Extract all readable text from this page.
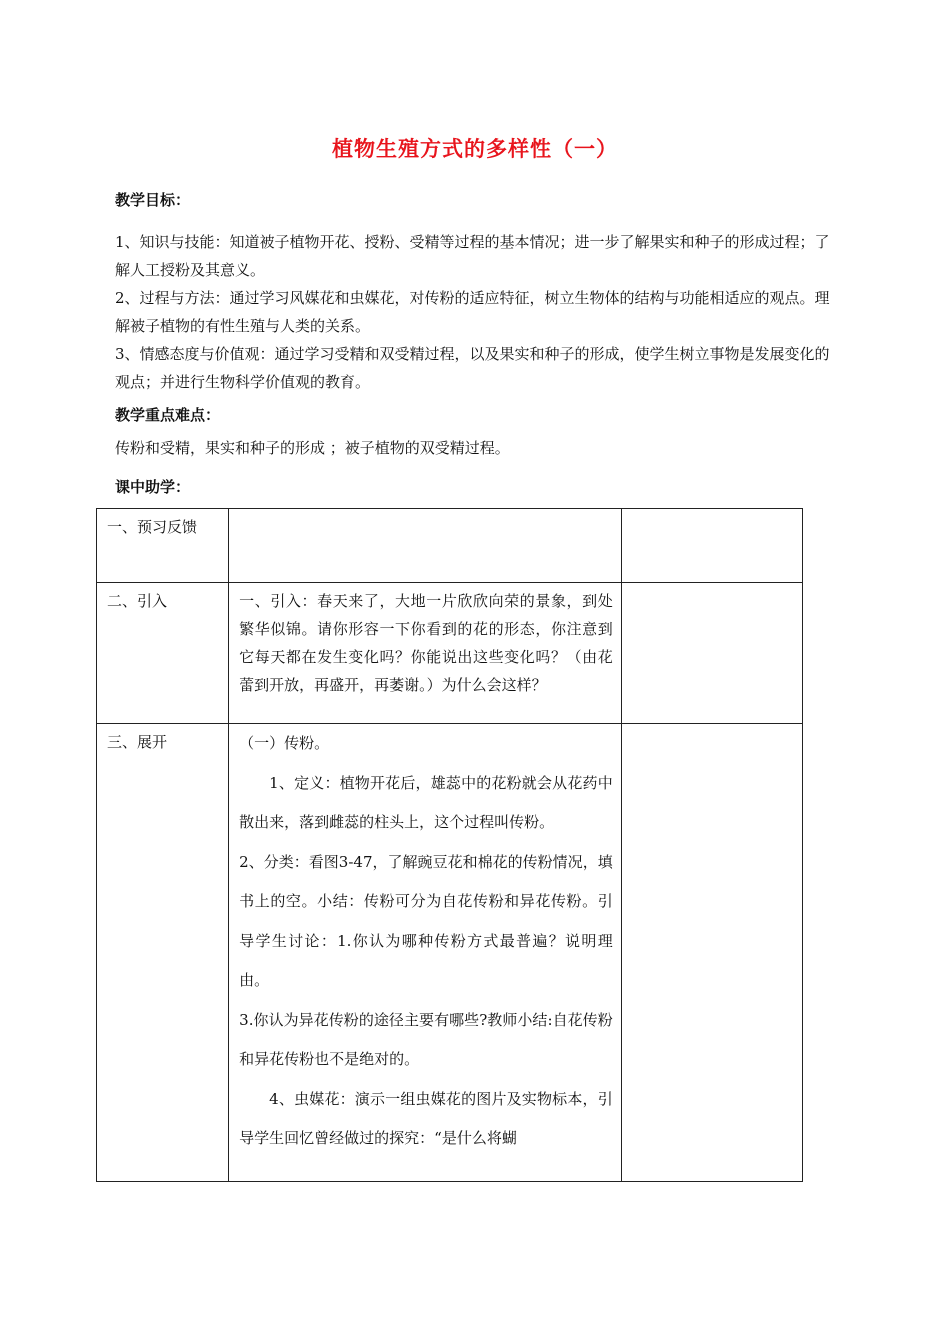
植物生殖方式的多样性（一）
教学目标：

1、知识与技能：知道被子植物开花、授粉、受精等过程的基本情况；进一步了解果实和种子的形成过程；了解人工授粉及其意义。

2、过程与方法：通过学习风媒花和虫媒花，对传粉的适应特征，树立生物体的结构与功能相适应的观点。理解被子植物的有性生殖与人类的关系。

3、情感态度与价值观：通过学习受精和双受精过程，以及果实和种子的形成，使学生树立事物是发展变化的观点；并进行生物科学价值观的教育。

教学重点难点：

传粉和受精，果实和种子的形成 ；被子植物的双受精过程。

课中助学：
一、预习反馈		

二、引入	一、引入：春天来了，大地一片欣欣向荣的景象，到处繁华似锦。请你形容一下你看到的花的形态，你注意到它每天都在发生变化吗？你能说出这些变化吗？（由花蕾到开放，再盛开，再萎谢。）为什么会这样？	

三、展开	（一）传粉。

1、定义：植物开花后，雄蕊中的花粉就会从花药中散出来，落到雌蕊的柱头上，这个过程叫传粉。

2、分类：看图3-47，了解豌豆花和棉花的传粉情况，填书上的空。小结：传粉可分为自花传粉和异花传粉。引导学生讨论：1.你认为哪种传粉方式最普遍？说明理由。

3.你认为异花传粉的途径主要有哪些?教师小结:自花传粉和异花传粉也不是绝对的。

4、虫媒花：演示一组虫媒花的图片及实物标本，引导学生回忆曾经做过的探究：“是什么将蝴	
